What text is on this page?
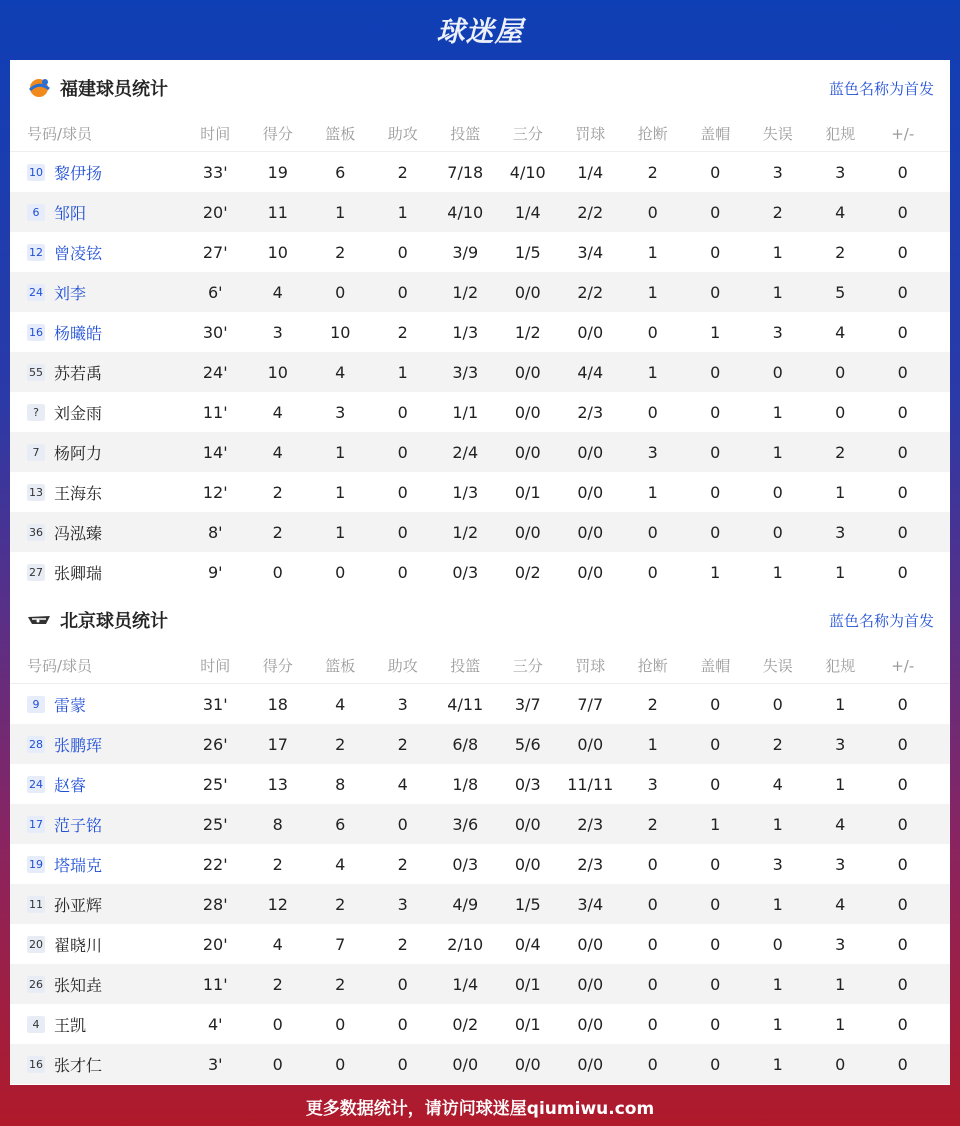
球迷屋
福建球员统计	蓝色名称为首发
号码/球员	时间	得分	篮板	助攻	投篮	三分	罚球	抢断	盖帽	失误	犯规	+/-
10 黎伊扬	33'	19	6	2	7/18	4/10	1/4	2	0	3	3	0
6 邹阳	20'	11	1	1	4/10	1/4	2/2	0	0	2	4	0
12 曾凌铉	27'	10	2	0	3/9	1/5	3/4	1	0	1	2	0
24 刘李	6'	4	0	0	1/2	0/0	2/2	1	0	1	5	0
16 杨曦皓	30'	3	10	2	1/3	1/2	0/0	0	1	3	4	0
55 苏若禹	24'	10	4	1	3/3	0/0	4/4	1	0	0	0	0
? 刘金雨	11'	4	3	0	1/1	0/0	2/3	0	0	1	0	0
7 杨阿力	14'	4	1	0	2/4	0/0	0/0	3	0	1	2	0
13 王海东	12'	2	1	0	1/3	0/1	0/0	1	0	0	1	0
36 冯泓臻	8'	2	1	0	1/2	0/0	0/0	0	0	0	3	0
27 张卿瑞	9'	0	0	0	0/3	0/2	0/0	0	1	1	1	0
北京球员统计	蓝色名称为首发
号码/球员	时间	得分	篮板	助攻	投篮	三分	罚球	抢断	盖帽	失误	犯规	+/-
9 雷蒙	31'	18	4	3	4/11	3/7	7/7	2	0	0	1	0
28 张鹏珲	26'	17	2	2	6/8	5/6	0/0	1	0	2	3	0
24 赵睿	25'	13	8	4	1/8	0/3	11/11	3	0	4	1	0
17 范子铭	25'	8	6	0	3/6	0/0	2/3	2	1	1	4	0
19 塔瑞克	22'	2	4	2	0/3	0/0	2/3	0	0	3	3	0
11 孙亚辉	28'	12	2	3	4/9	1/5	3/4	0	0	1	4	0
20 翟晓川	20'	4	7	2	2/10	0/4	0/0	0	0	0	3	0
26 张知垚	11'	2	2	0	1/4	0/1	0/0	0	0	1	1	0
4 王凯	4'	0	0	0	0/2	0/1	0/0	0	0	1	1	0
16 张才仁	3'	0	0	0	0/0	0/0	0/0	0	0	1	0	0
更多数据统计，请访问球迷屋qiumiwu.com
